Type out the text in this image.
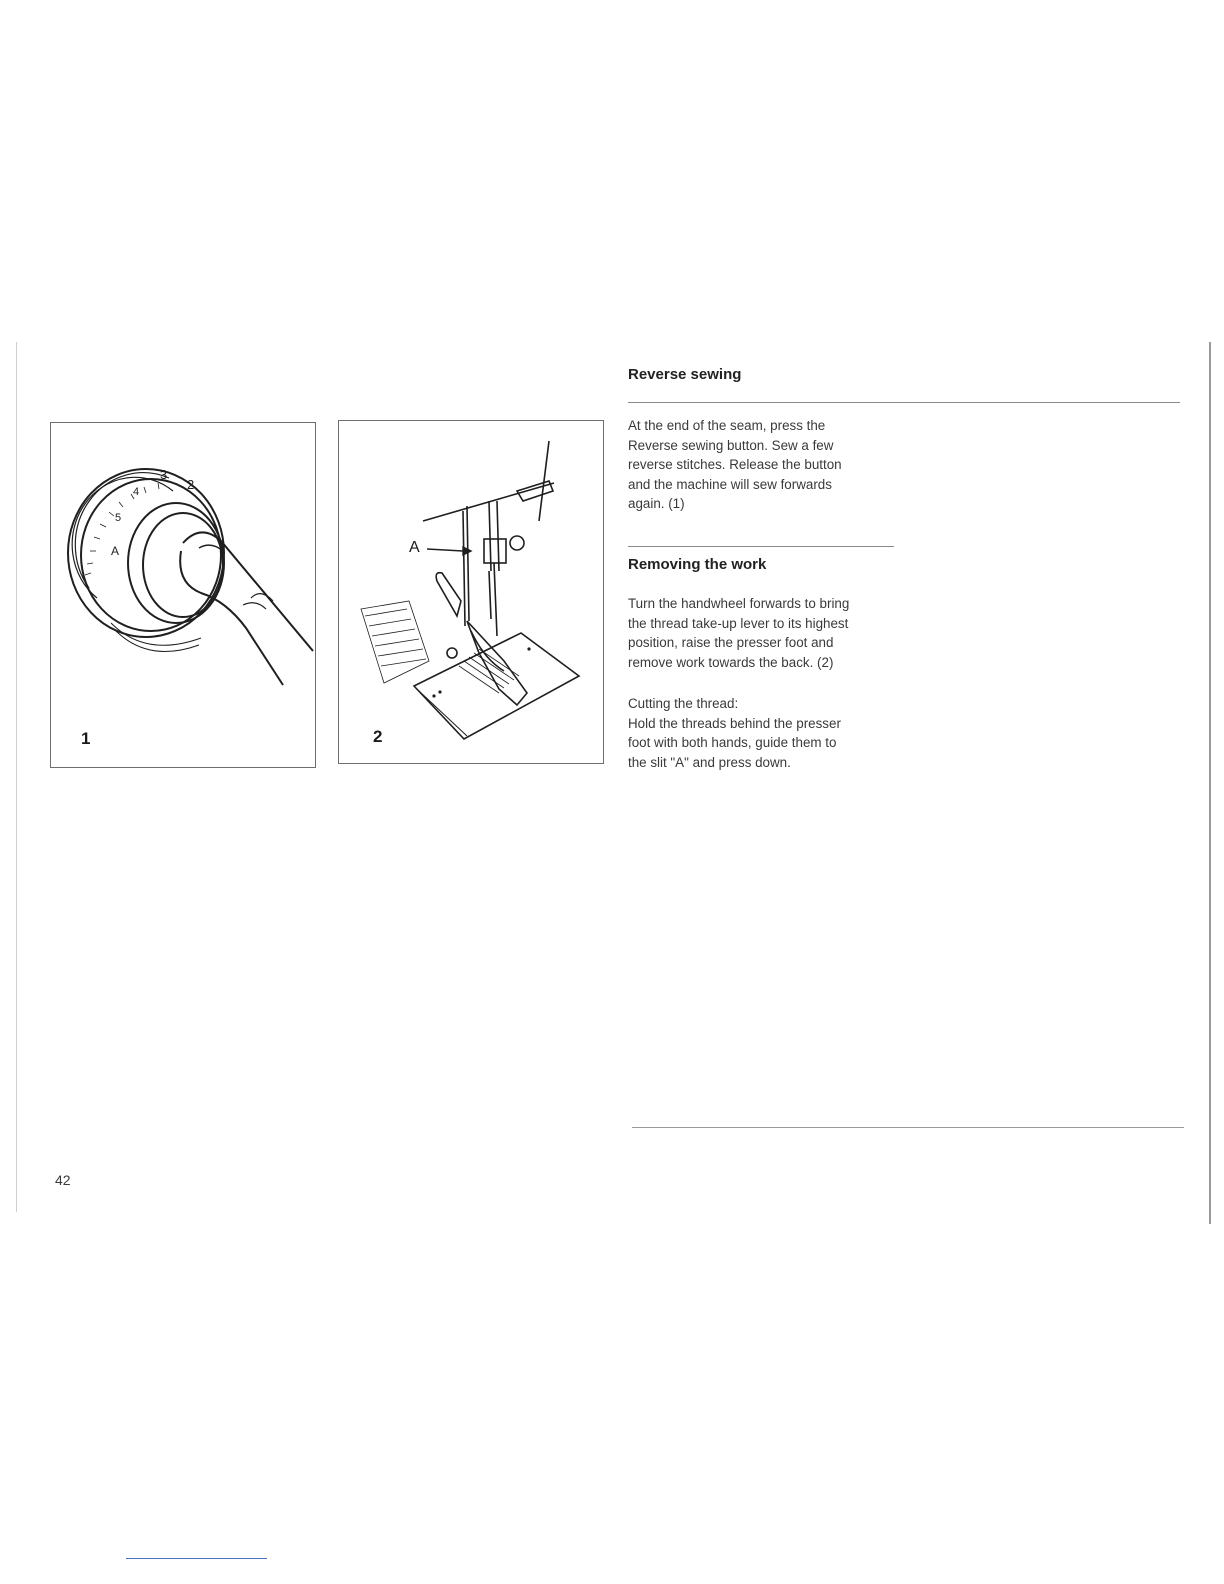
3
2
4
5
A
1
A
2
Reverse sewing

At the end of the seam, press the
Reverse sewing button. Sew a few
reverse stitches. Release the button
and the machine will sew forwards
again. (1)

Removing the work

Turn the handwheel forwards to bring
the thread take-up lever to its highest
position, raise the presser foot and
remove work towards the back. (2)

Cutting the thread:
Hold the threads behind the presser
foot with both hands, guide them to
the slit "A" and press down.

42
